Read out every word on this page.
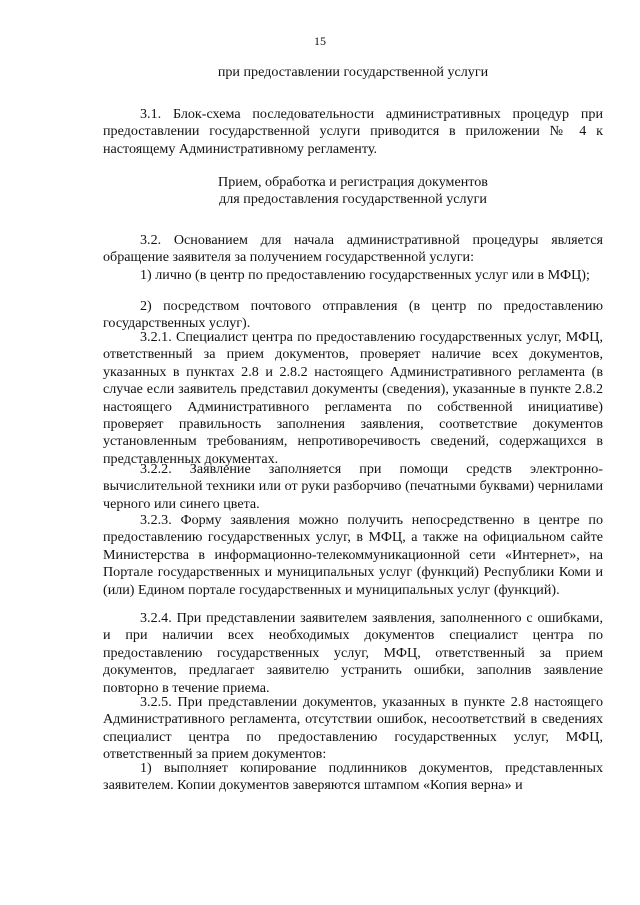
15
при предоставлении государственной услуги

3.1. Блок-схема последовательности административных процедур при предоставлении государственной услуги приводится в приложении № 4 к настоящему Административному регламенту.

Прием, обработка и регистрация документов
для предоставления государственной услуги

3.2. Основанием для начала административной процедуры является обращение заявителя за получением государственной услуги:

1) лично (в центр по предоставлению государственных услуг или в МФЦ);

2) посредством почтового отправления (в центр по предоставлению государственных услуг).

3.2.1. Специалист центра по предоставлению государственных услуг, МФЦ, ответственный за прием документов, проверяет наличие всех документов, указанных в пунктах 2.8 и 2.8.2 настоящего Административного регламента (в случае если заявитель представил документы (сведения), указанные в пункте 2.8.2 настоящего Административного регламента по собственной инициативе) проверяет правильность заполнения заявления, соответствие документов установленным требованиям, непротиворечивость сведений, содержащихся в представленных документах.

3.2.2. Заявление заполняется при помощи средств электронно-вычислительной техники или от руки разборчиво (печатными буквами) чернилами черного или синего цвета.

3.2.3. Форму заявления можно получить непосредственно в центре по предоставлению государственных услуг, в МФЦ, а также на официальном сайте Министерства в информационно-телекоммуникационной сети «Интернет», на Портале государственных и муниципальных услуг (функций) Республики Коми и (или) Едином портале государственных и муниципальных услуг (функций).

3.2.4. При представлении заявителем заявления, заполненного с ошибками, и при наличии всех необходимых документов специалист центра по предоставлению государственных услуг, МФЦ, ответственный за прием документов, предлагает заявителю устранить ошибки, заполнив заявление повторно в течение приема.

3.2.5. При представлении документов, указанных в пункте 2.8 настоящего Административного регламента, отсутствии ошибок, несоответствий в сведениях специалист центра по предоставлению государственных услуг, МФЦ, ответственный за прием документов:

1) выполняет копирование подлинников документов, представленных заявителем. Копии документов заверяются штампом «Копия верна» и
